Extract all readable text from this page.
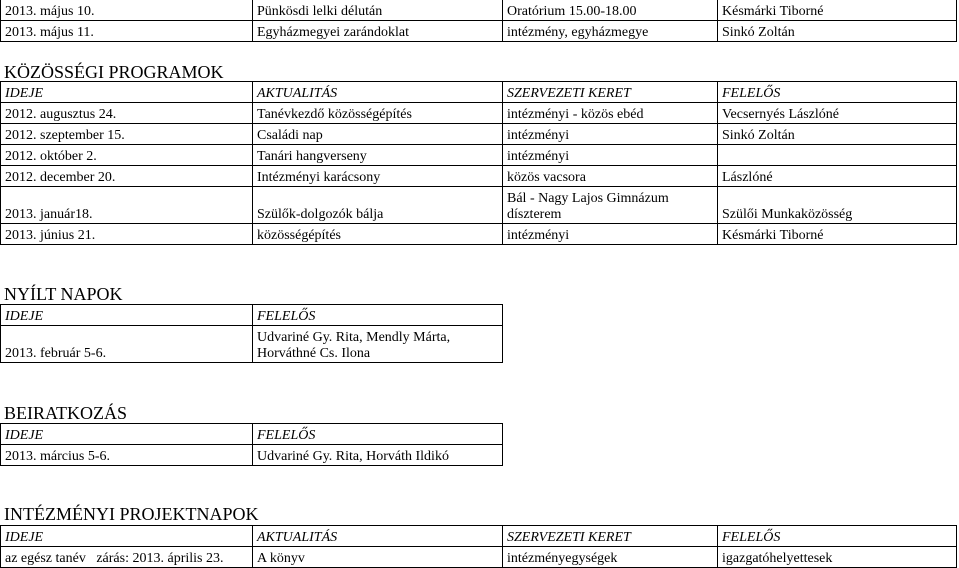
2013. május 10.	Pünkösdi lelki délután	Oratórium 15.00-18.00	Késmárki Tiborné
2013. május 11.	Egyházmegyei zarándoklat	intézmény, egyházmegye	Sinkó Zoltán
KÖZÖSSÉGI PROGRAMOK
IDEJE	AKTUALITÁS	SZERVEZETI KERET	FELELŐS
2012. augusztus 24.	Tanévkezdő közösségépítés	intézményi - közös ebéd	Vecsernyés Lászlóné
2012. szeptember 15.	Családi nap	intézményi	Sinkó Zoltán
2012. október 2.	Tanári hangverseny	intézményi	
2012. december 20.	Intézményi karácsony	közös vacsora	Lászlóné
2013. január18.	Szülők-dolgozók bálja	Bál - Nagy Lajos Gimnázum díszterem	Szülői Munkaközösség
2013. június 21.	közösségépítés	intézményi	Késmárki Tiborné
NYÍLT NAPOK
IDEJE	FELELŐS
2013. február 5-6.	Udvariné Gy. Rita, Mendly Márta, Horváthné Cs. Ilona
BEIRATKOZÁS
IDEJE	FELELŐS
2013. március 5-6.	Udvariné Gy. Rita, Horváth Ildikó
INTÉZMÉNYI PROJEKTNAPOK
IDEJE	AKTUALITÁS	SZERVEZETI KERET	FELELŐS
az egész tanév   zárás: 2013. április 23.	A könyv	intézményegységek	igazgatóhelyettesek
